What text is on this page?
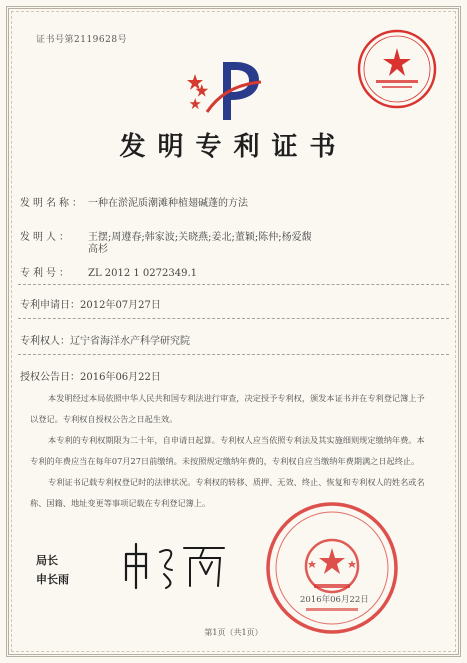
证书号第2119628号
发明专利证书
发明名称： 一种在淤泥质潮滩种植翅碱蓬的方法
发明人： 王摆;周遵春;韩家波;关晓燕;姜北;董颖;陈仲;杨爱馥
高杉
专利号： ZL 2012 1 0272349.1
专利申请日：2012年07月27日
专利权人：辽宁省海洋水产科学研究院
授权公告日：2016年06月22日

本发明经过本局依照中华人民共和国专利法进行审查，决定授予专利权，颁发本证书并在专利登记簿上予以登记。专利权自授权公告之日起生效。

本专利的专利权期限为二十年，自申请日起算。专利权人应当依照专利法及其实施细则规定缴纳年费。本专利的年费应当在每年07月27日前缴纳。未按照规定缴纳年费的，专利权自应当缴纳年费期满之日起终止。

专利证书记载专利权登记时的法律状况。专利权的转移、质押、无效、终止、恢复和专利权人的姓名或名称、国籍、地址变更等事项记载在专利登记簿上。

局长
申长雨
2016年06月22日
第1页（共1页）
